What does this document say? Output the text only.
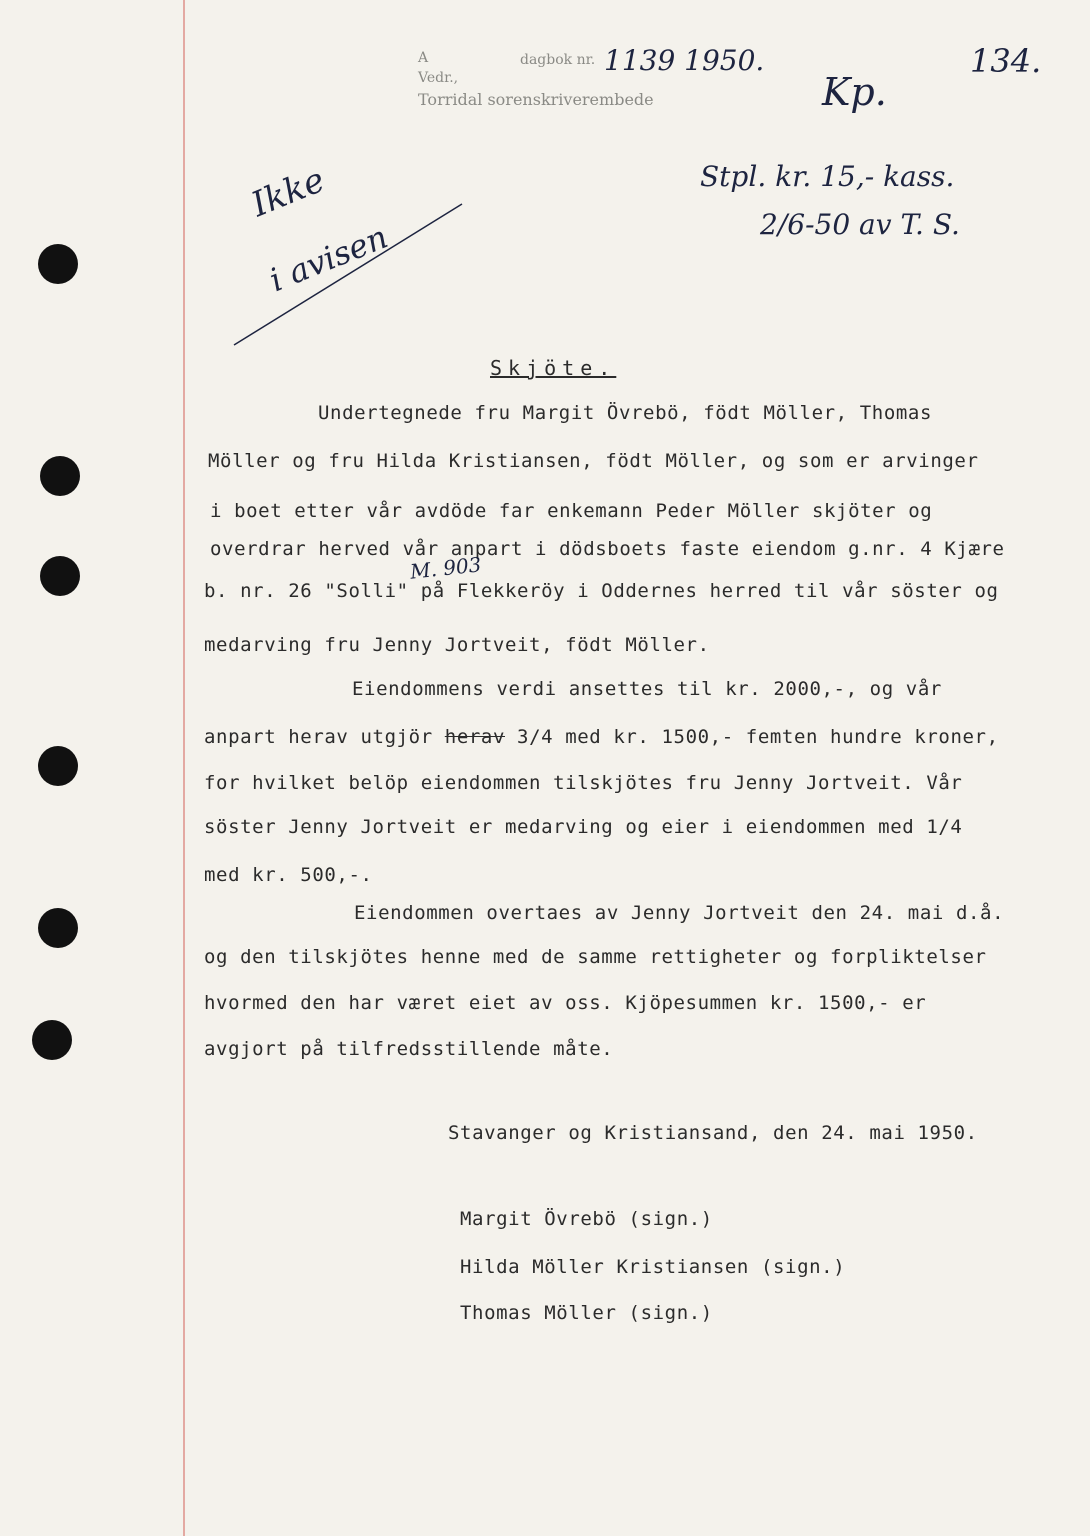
A	dagbok nr.
Vedr.,
Torridal sorenskriverembede
1139 1950.	134.
Kp.
Ikke
i avisen
Stpl. kr. 15,- kass.
2/6-50 av T. S.
Skjöte.
Undertegnede fru Margit Övrebö, födt Möller, Thomas
Möller og fru Hilda Kristiansen, födt Möller, og som er arvinger
i boet etter vår avdöde far enkemann Peder Möller skjöter og
overdrar herved vår anpart i dödsboets faste eiendom g.nr. 4 Kjære
M. 903
b. nr. 26 "Solli" på Flekkeröy i Oddernes herred til vår söster og
medarving fru Jenny Jortveit, födt Möller.
Eiendommens verdi ansettes til kr. 2000,-, og vår
anpart herav utgjör herav 3/4 med kr. 1500,- femten hundre kroner,
for hvilket belöp eiendommen tilskjötes fru Jenny Jortveit. Vår
söster Jenny Jortveit er medarving og eier i eiendommen med 1/4
med kr. 500,-.
Eiendommen overtaes av Jenny Jortveit den 24. mai d.å.
og den tilskjötes henne med de samme rettigheter og forpliktelser
hvormed den har været eiet av oss. Kjöpesummen kr. 1500,- er
avgjort på tilfredsstillende måte.
Stavanger og Kristiansand, den 24. mai 1950.
Margit Övrebö (sign.)
Hilda Möller Kristiansen (sign.)
Thomas Möller (sign.)
